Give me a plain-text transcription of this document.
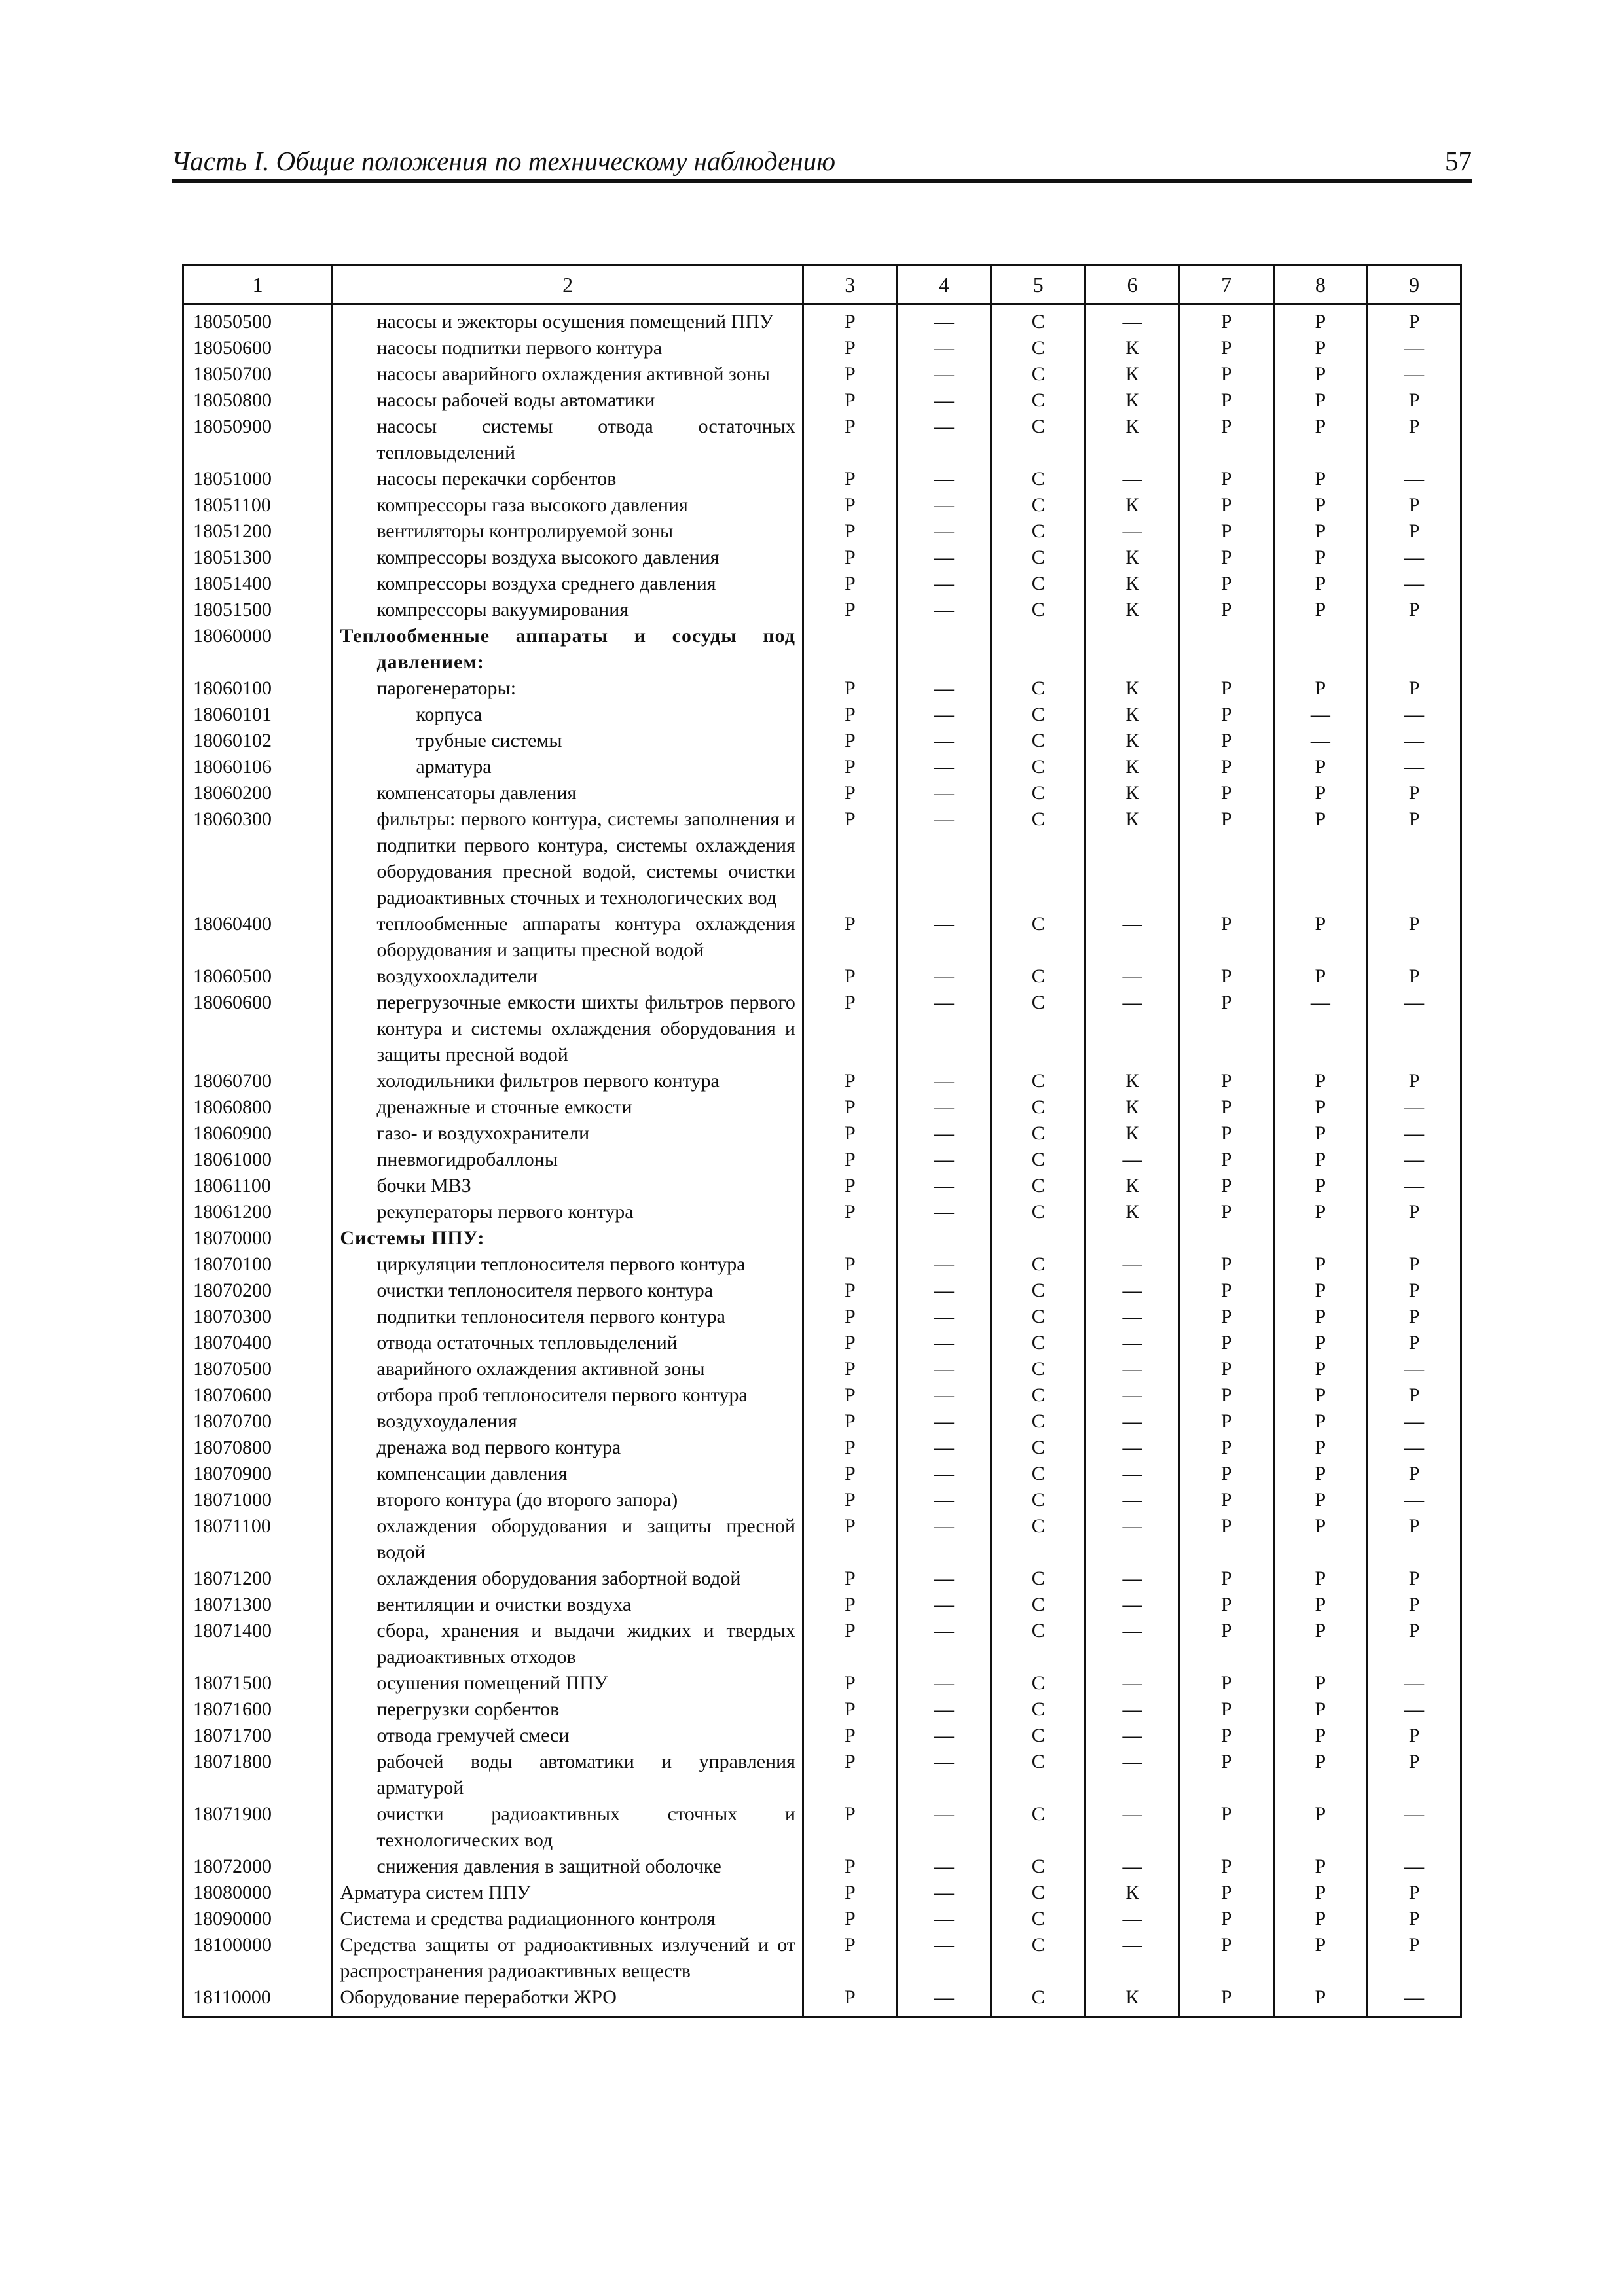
Часть I. Общие положения по техническому наблюдению	57
1	2	3	4	5	6	7	8	9
18050500	насосы и эжекторы осушения помещений ППУ	Р	—	С	—	Р	Р	Р
18050600	насосы подпитки первого контура	Р	—	С	К	Р	Р	—
18050700	насосы аварийного охлаждения активной зоны	Р	—	С	К	Р	Р	—
18050800	насосы рабочей воды автоматики	Р	—	С	К	Р	Р	Р
18050900	насосы системы отвода остаточных тепловыделений	Р	—	С	К	Р	Р	Р
18051000	насосы перекачки сорбентов	Р	—	С	—	Р	Р	—
18051100	компрессоры газа высокого давления	Р	—	С	К	Р	Р	Р
18051200	вентиляторы контролируемой зоны	Р	—	С	—	Р	Р	Р
18051300	компрессоры воздуха высокого давления	Р	—	С	К	Р	Р	—
18051400	компрессоры воздуха среднего давления	Р	—	С	К	Р	Р	—
18051500	компрессоры вакуумирования	Р	—	С	К	Р	Р	Р
18060000	Теплообменные аппараты и сосуды под давлением:							

18060100	парогенераторы:	Р	—	С	К	Р	Р	Р
18060101	корпуса	Р	—	С	К	Р	—	—
18060102	трубные системы	Р	—	С	К	Р	—	—
18060106	арматура	Р	—	С	К	Р	Р	—
18060200	компенсаторы давления	Р	—	С	К	Р	Р	Р
18060300	фильтры: первого контура, системы заполнения и подпитки первого контура, системы охлаждения оборудования пресной водой, системы очистки радиоактивных сточных и технологических вод	Р	—	С	К	Р	Р	Р
18060400	теплообменные аппараты контура охлаждения оборудования и защиты пресной водой	Р	—	С	—	Р	Р	Р
18060500	воздухоохладители	Р	—	С	—	Р	Р	Р
18060600	перегрузочные емкости шихты фильтров первого контура и системы охлаждения оборудования и защиты пресной водой	Р	—	С	—	Р	—	—
18060700	холодильники фильтров первого контура	Р	—	С	К	Р	Р	Р
18060800	дренажные и сточные емкости	Р	—	С	К	Р	Р	—
18060900	газо- и воздухохранители	Р	—	С	К	Р	Р	—
18061000	пневмогидробаллоны	Р	—	С	—	Р	Р	—
18061100	бочки МВЗ	Р	—	С	К	Р	Р	—
18061200	рекуператоры первого контура	Р	—	С	К	Р	Р	Р
18070000	Системы ППУ:							

18070100	циркуляции теплоносителя первого контура	Р	—	С	—	Р	Р	Р
18070200	очистки теплоносителя первого контура	Р	—	С	—	Р	Р	Р
18070300	подпитки теплоносителя первого контура	Р	—	С	—	Р	Р	Р
18070400	отвода остаточных тепловыделений	Р	—	С	—	Р	Р	Р
18070500	аварийного охлаждения активной зоны	Р	—	С	—	Р	Р	—
18070600	отбора проб теплоносителя первого контура	Р	—	С	—	Р	Р	Р
18070700	воздухоудаления	Р	—	С	—	Р	Р	—
18070800	дренажа вод первого контура	Р	—	С	—	Р	Р	—
18070900	компенсации давления	Р	—	С	—	Р	Р	Р
18071000	второго контура (до второго запора)	Р	—	С	—	Р	Р	—
18071100	охлаждения оборудования и защиты пресной водой	Р	—	С	—	Р	Р	Р
18071200	охлаждения оборудования забортной водой	Р	—	С	—	Р	Р	Р
18071300	вентиляции и очистки воздуха	Р	—	С	—	Р	Р	Р
18071400	сбора, хранения и выдачи жидких и твердых радиоактивных отходов	Р	—	С	—	Р	Р	Р
18071500	осушения помещений ППУ	Р	—	С	—	Р	Р	—
18071600	перегрузки сорбентов	Р	—	С	—	Р	Р	—
18071700	отвода гремучей смеси	Р	—	С	—	Р	Р	Р
18071800	рабочей воды автоматики и управления арматурой	Р	—	С	—	Р	Р	Р
18071900	очистки радиоактивных сточных и технологических вод	Р	—	С	—	Р	Р	—
18072000	снижения давления в защитной оболочке	Р	—	С	—	Р	Р	—
18080000	Арматура систем ППУ	Р	—	С	К	Р	Р	Р
18090000	Система и средства радиационного контроля	Р	—	С	—	Р	Р	Р
18100000	Средства защиты от радиоактивных излучений и от распространения радиоактивных веществ	Р	—	С	—	Р	Р	Р
18110000	Оборудование переработки ЖРО	Р	—	С	К	Р	Р	—
